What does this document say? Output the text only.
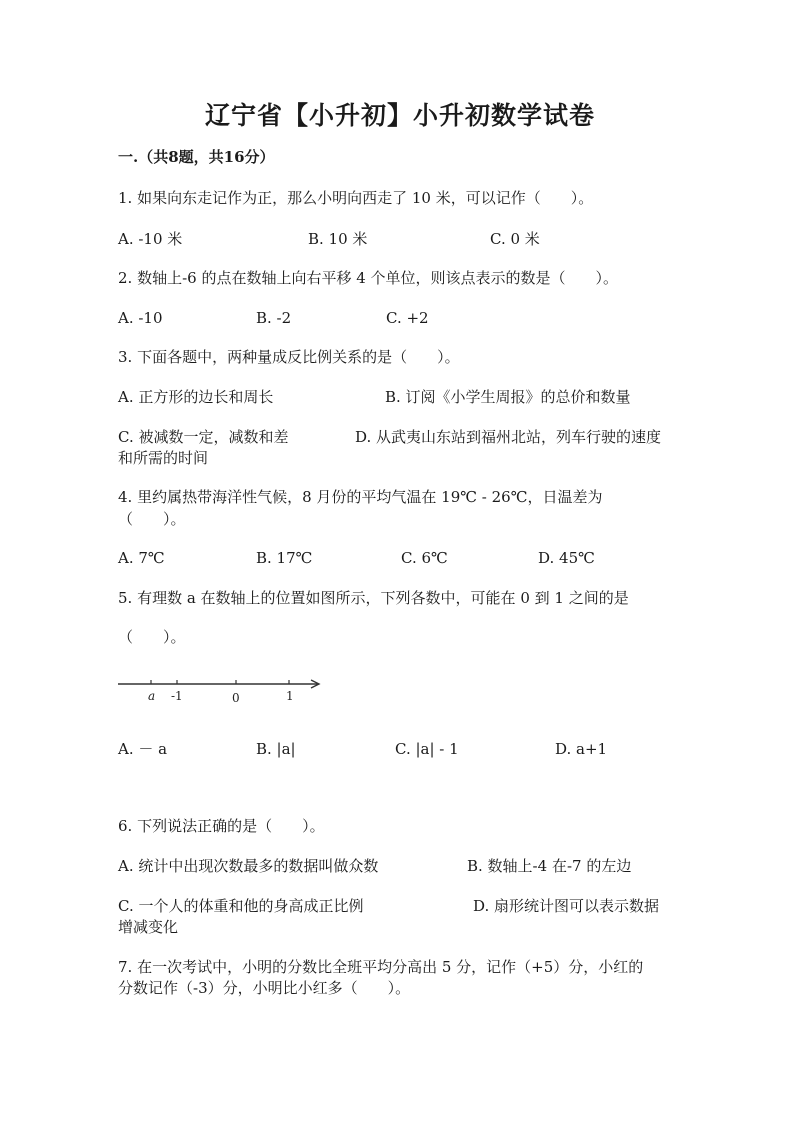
辽宁省【小升初】小升初数学试卷
一.（共8题，共16分）
1. 如果向东走记作为正，那么小明向西走了 10 米，可以记作（　　）。
A. -10 米	B. 10 米	C. 0 米
2. 数轴上-6 的点在数轴上向右平移 4 个单位，则该点表示的数是（　　）。
A. -10	B. -2	C. +2
3. 下面各题中，两种量成反比例关系的是（　　）。
A. 正方形的边长和周长	B. 订阅《小学生周报》的总价和数量
C. 被减数一定，减数和差	D. 从武夷山东站到福州北站，列车行驶的速度
和所需的时间
4. 里约属热带海洋性气候，8 月份的平均气温在 19℃ - 26℃，日温差为
（　　）。
A. 7℃	B. 17℃	C. 6℃	D. 45℃
5. 有理数 a 在数轴上的位置如图所示，下列各数中，可能在 0 到 1 之间的是
（　　）。
a -1	0	1
A. － a	B. |a|	C. |a| - 1	D. a+1
6. 下列说法正确的是（　　）。
A. 统计中出现次数最多的数据叫做众数	B. 数轴上-4 在-7 的左边
C. 一个人的体重和他的身高成正比例	D. 扇形统计图可以表示数据
增减变化
7. 在一次考试中，小明的分数比全班平均分高出 5 分，记作（+5）分，小红的
分数记作（-3）分，小明比小红多（　　）。
